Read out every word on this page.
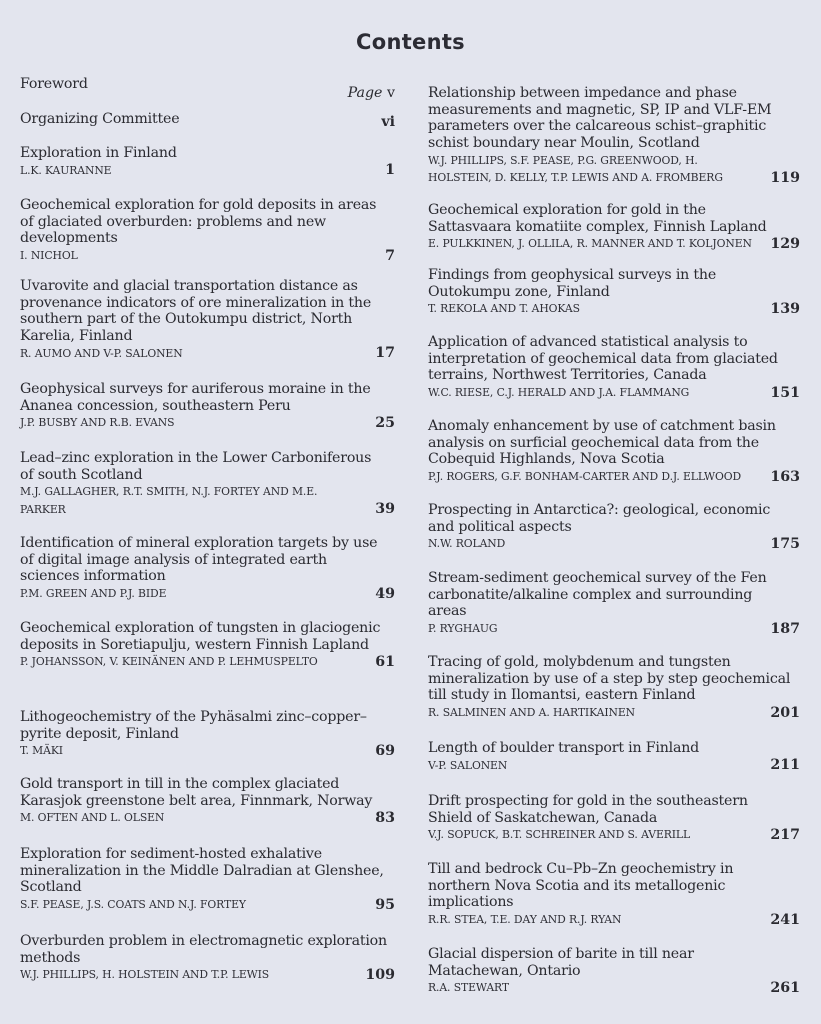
Contents
Foreword
Page v
Organizing Committee	vi
Exploration in Finland
L.K. KAURANNE	1
Geochemical exploration for gold deposits in areas of glaciated overburden: problems and new developments
I. NICHOL	7
Uvarovite and glacial transportation distance as provenance indicators of ore mineralization in the southern part of the Outokumpu district, North Karelia, Finland
R. AUMO AND V-P. SALONEN	17
Geophysical surveys for auriferous moraine in the Ananea concession, southeastern Peru
J.P. BUSBY AND R.B. EVANS	25
Lead–zinc exploration in the Lower Carboniferous of south Scotland
M.J. GALLAGHER, R.T. SMITH, N.J. FORTEY AND M.E. PARKER	39
Identification of mineral exploration targets by use of digital image analysis of integrated earth sciences information
P.M. GREEN AND P.J. BIDE	49
Geochemical exploration of tungsten in glaciogenic deposits in Soretiapulju, western Finnish Lapland
P. JOHANSSON, V. KEINÄNEN AND P. LEHMUSPELTO	61
Lithogeochemistry of the Pyhäsalmi zinc–copper–pyrite deposit, Finland
T. MÄKI	69
Gold transport in till in the complex glaciated Karasjok greenstone belt area, Finnmark, Norway
M. OFTEN AND L. OLSEN	83
Exploration for sediment-hosted exhalative mineralization in the Middle Dalradian at Glenshee, Scotland
S.F. PEASE, J.S. COATS AND N.J. FORTEY	95
Overburden problem in electromagnetic exploration methods
W.J. PHILLIPS, H. HOLSTEIN AND T.P. LEWIS	109
Relationship between impedance and phase measurements and magnetic, SP, IP and VLF-EM parameters over the calcareous schist–graphitic schist boundary near Moulin, Scotland
W.J. PHILLIPS, S.F. PEASE, P.G. GREENWOOD, H. HOLSTEIN, D. KELLY, T.P. LEWIS AND A. FROMBERG	119
Geochemical exploration for gold in the Sattasvaara komatiite complex, Finnish Lapland
E. PULKKINEN, J. OLLILA, R. MANNER AND T. KOLJONEN	129
Findings from geophysical surveys in the Outokumpu zone, Finland
T. REKOLA AND T. AHOKAS	139
Application of advanced statistical analysis to interpretation of geochemical data from glaciated terrains, Northwest Territories, Canada
W.C. RIESE, C.J. HERALD AND J.A. FLAMMANG	151
Anomaly enhancement by use of catchment basin analysis on surficial geochemical data from the Cobequid Highlands, Nova Scotia
P.J. ROGERS, G.F. BONHAM-CARTER AND D.J. ELLWOOD	163
Prospecting in Antarctica?: geological, economic and political aspects
N.W. ROLAND	175
Stream-sediment geochemical survey of the Fen carbonatite/alkaline complex and surrounding areas
P. RYGHAUG	187
Tracing of gold, molybdenum and tungsten mineralization by use of a step by step geochemical till study in Ilomantsi, eastern Finland
R. SALMINEN AND A. HARTIKAINEN	201
Length of boulder transport in Finland
V-P. SALONEN	211
Drift prospecting for gold in the southeastern Shield of Saskatchewan, Canada
V.J. SOPUCK, B.T. SCHREINER AND S. AVERILL	217
Till and bedrock Cu–Pb–Zn geochemistry in northern Nova Scotia and its metallogenic implications
R.R. STEA, T.E. DAY AND R.J. RYAN	241
Glacial dispersion of barite in till near Matachewan, Ontario
R.A. STEWART	261
